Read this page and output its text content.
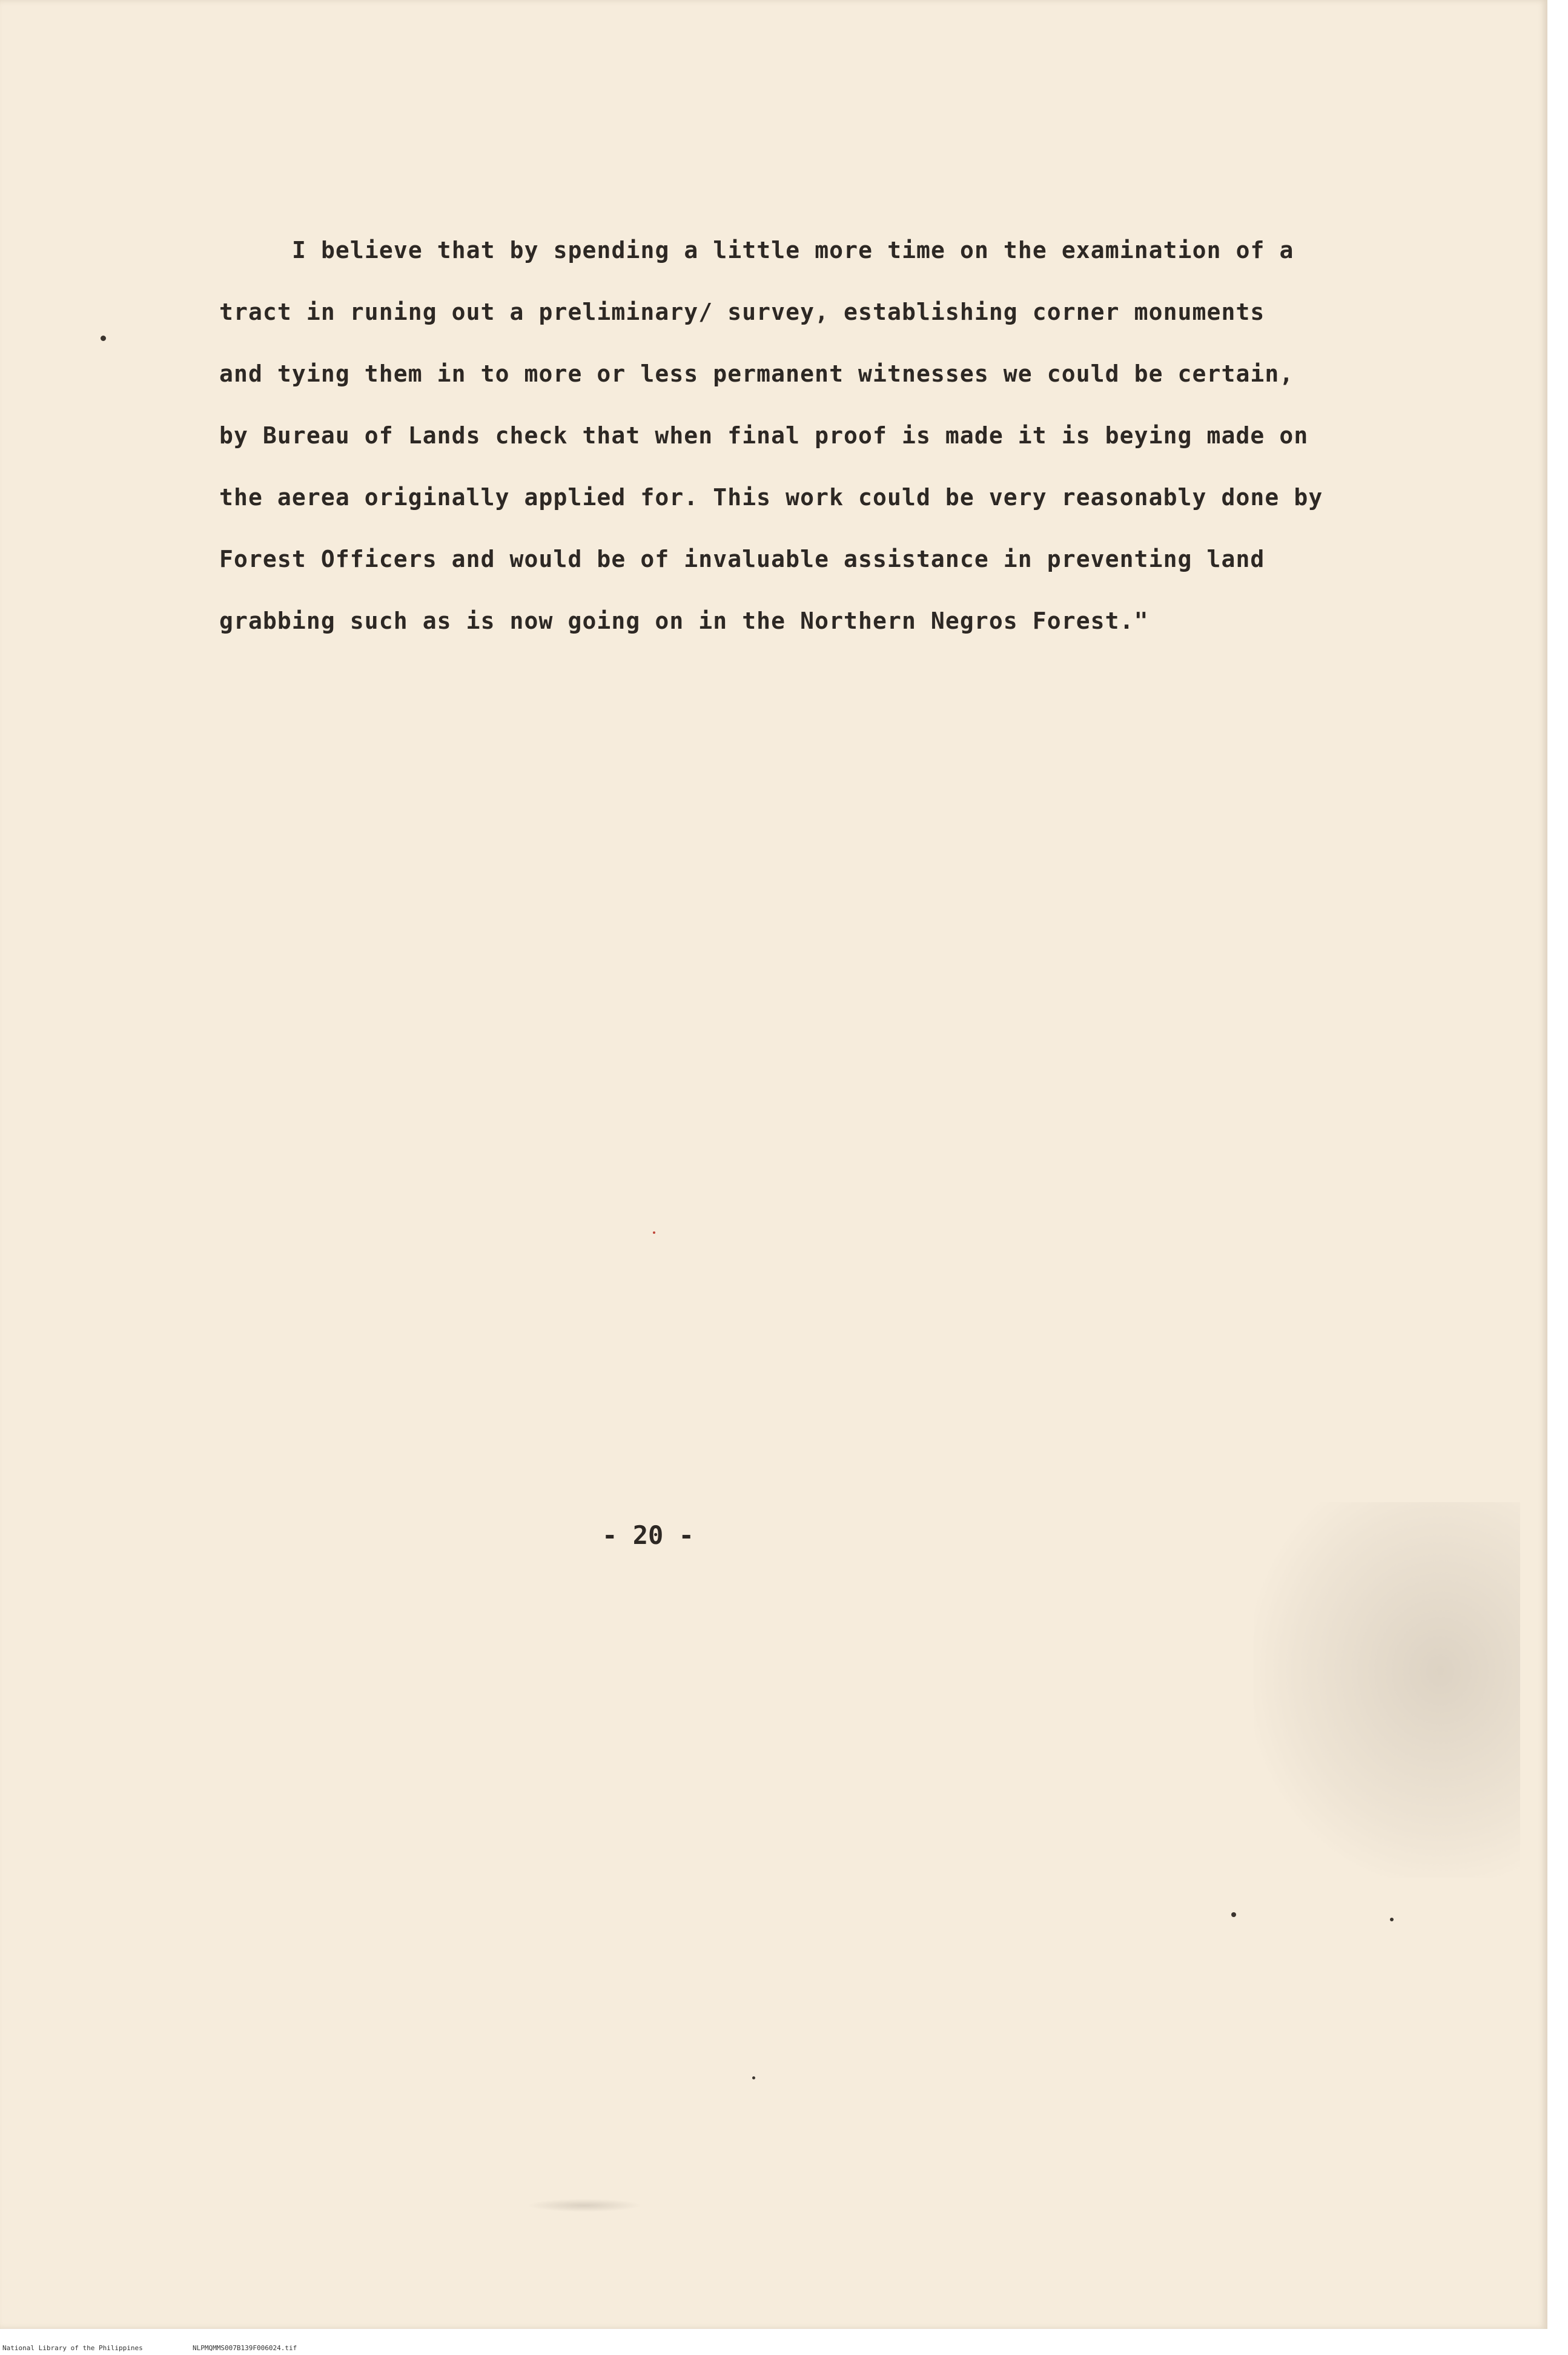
I believe that by spending a little more time on the examination of a
tract in runing out a preliminary/ survey, establishing corner monuments
and tying them in to more or less permanent witnesses we could be certain,
by Bureau of Lands check that when final proof is made it is beying made on
the aerea originally applied for. This work could be very reasonably done by
Forest Officers and would be of invaluable assistance in preventing land
grabbing such as is now going on in the Northern Negros Forest."
- 20 -
National Library of the Philippines	NLPMQMMS007B139F006024.tif
